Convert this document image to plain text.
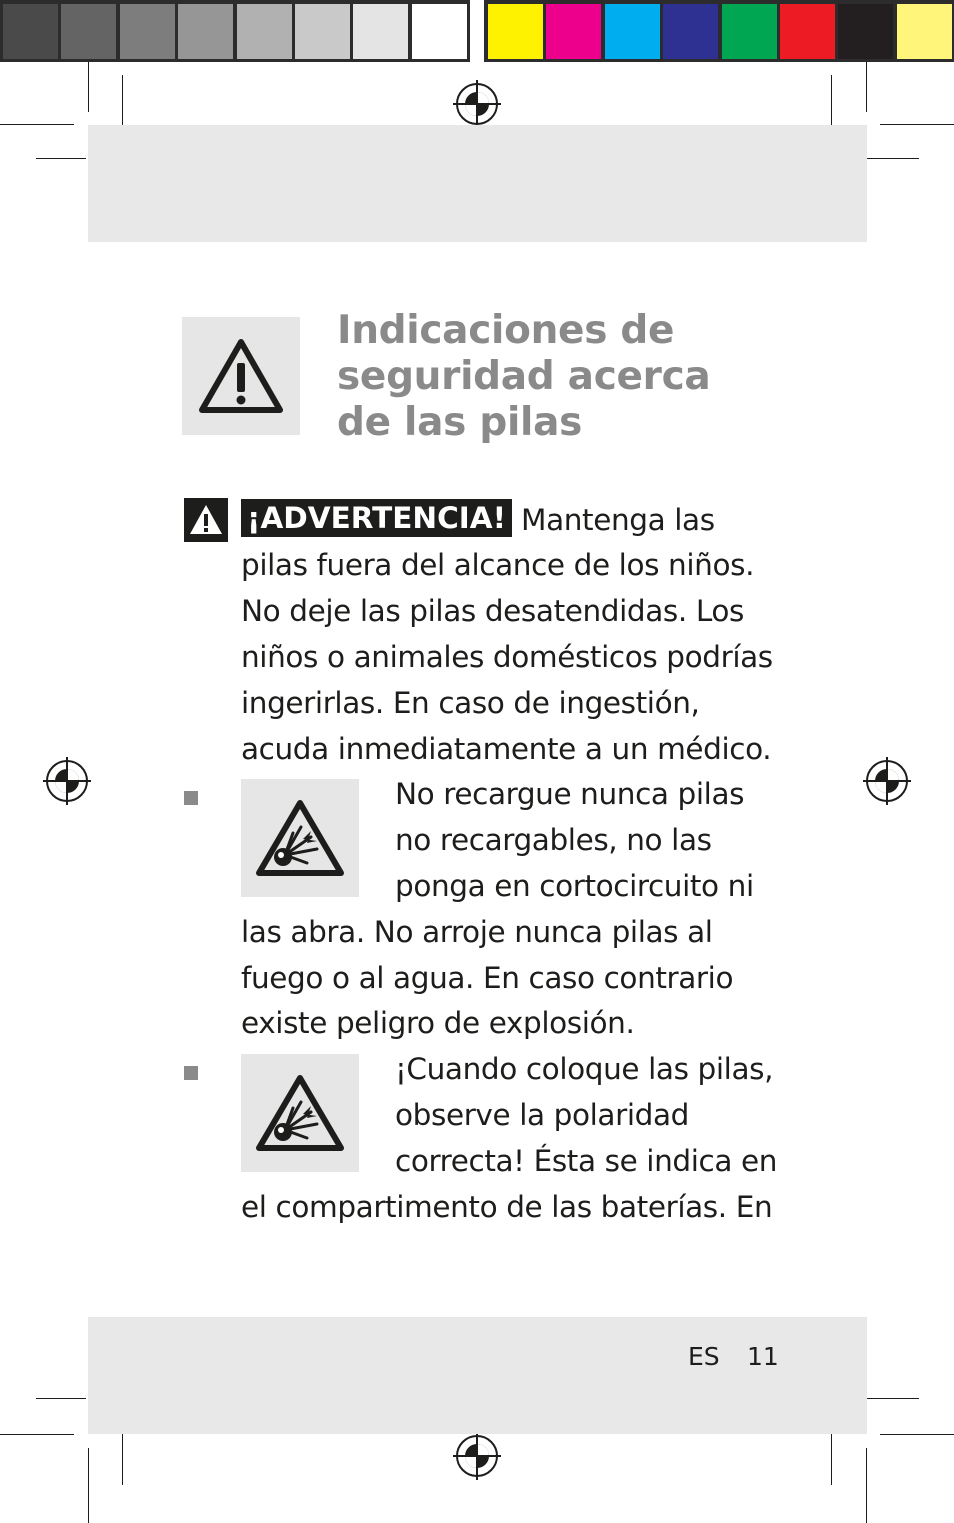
Indicaciones de
seguridad acerca
de las pilas
¡ADVERTENCIA! Mantenga las
pilas fuera del alcance de los niños.
No deje las pilas desatendidas. Los
niños o animales domésticos podrías
ingerirlas. En caso de ingestión,
acuda inmediatamente a un médico.
No recargue nunca pilas
no recargables, no las
ponga en cortocircuito ni
las abra. No arroje nunca pilas al
fuego o al agua. En caso contrario
existe peligro de explosión.
¡Cuando coloque las pilas,
observe la polaridad
correcta! Ésta se indica en
el compartimento de las baterías. En
ES 11
